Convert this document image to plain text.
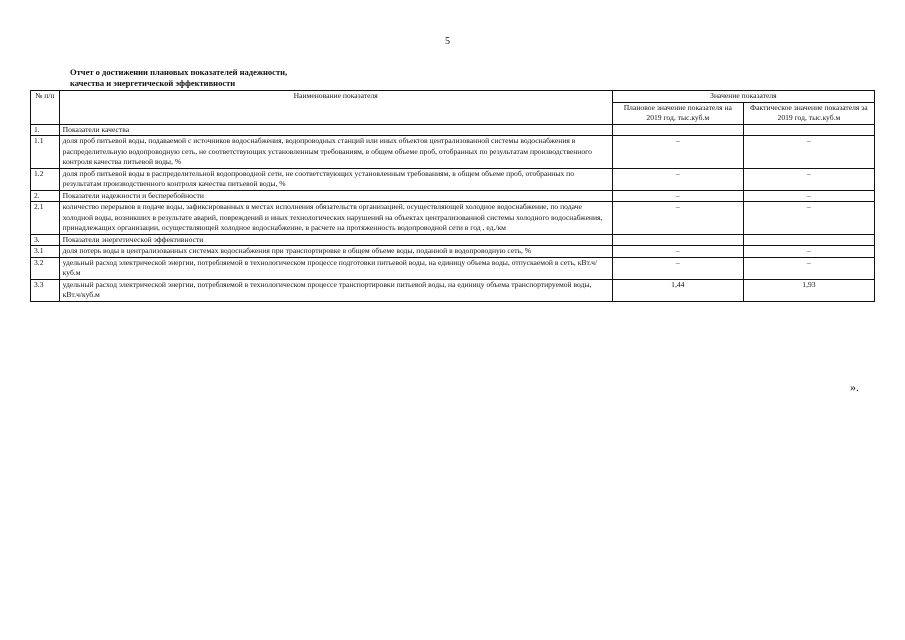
5
Отчет о достижении плановых показателей надежности,
качества и энергетической эффективности
№ п/п	Наименование показателя	Значение показателя	
		Плановое значение показателя на 2019 год, тыс.куб.м	Фактическое значение показателя за 2019 год, тыс.куб.м
1.	Показатели качества		
1.1	доля проб питьевой воды, подаваемой с источников водоснабжения, водопроводных станций или иных объектов централизованной системы водоснабжения в распределительную водопроводную сеть, не соответствующих установленным требованиям, в общем объеме проб, отобранных по результатам производственного контроля качества питьевой воды, %	–	–
1.2	доля проб питьевой воды в распределительной водопроводной сети, не соответствующих установленным требованиям, в общем объеме проб, отобранных по результатам производственного контроля качества питьевой воды, %	–	–
2.	Показатели надежности и бесперебойности	–	–
2.1	количество перерывов в подаче воды, зафиксированных в местах исполнения обязательств организацией, осуществляющей холодное водоснабжение, по подаче холодной воды, возникших в результате аварий, повреждений и иных технологических нарушений на объектах централизованной системы холодного водоснабжения, принадлежащих организации, осуществляющей холодное водоснабжение, в расчете на протяженность водопроводной сети в год , ед./км	–	–
3.	Показатели энергетической эффективности		
3.1	доля потерь воды в централизованных системах водоснабжения при транспортировке в общем объеме воды, поданной в водопроводную сеть, %	–	–
3.2	удельный расход электрической энергии, потребляемой в технологическом процессе подготовки питьевой воды, на единицу объема воды, отпускаемой в сеть, кВт.ч/куб.м	–	–
3.3	удельный расход электрической энергии, потребляемой в технологическом процессе транспортировки питьевой воды, на единицу объема транспортируемой воды, кВт.ч/куб.м	1,44	1,93
».
